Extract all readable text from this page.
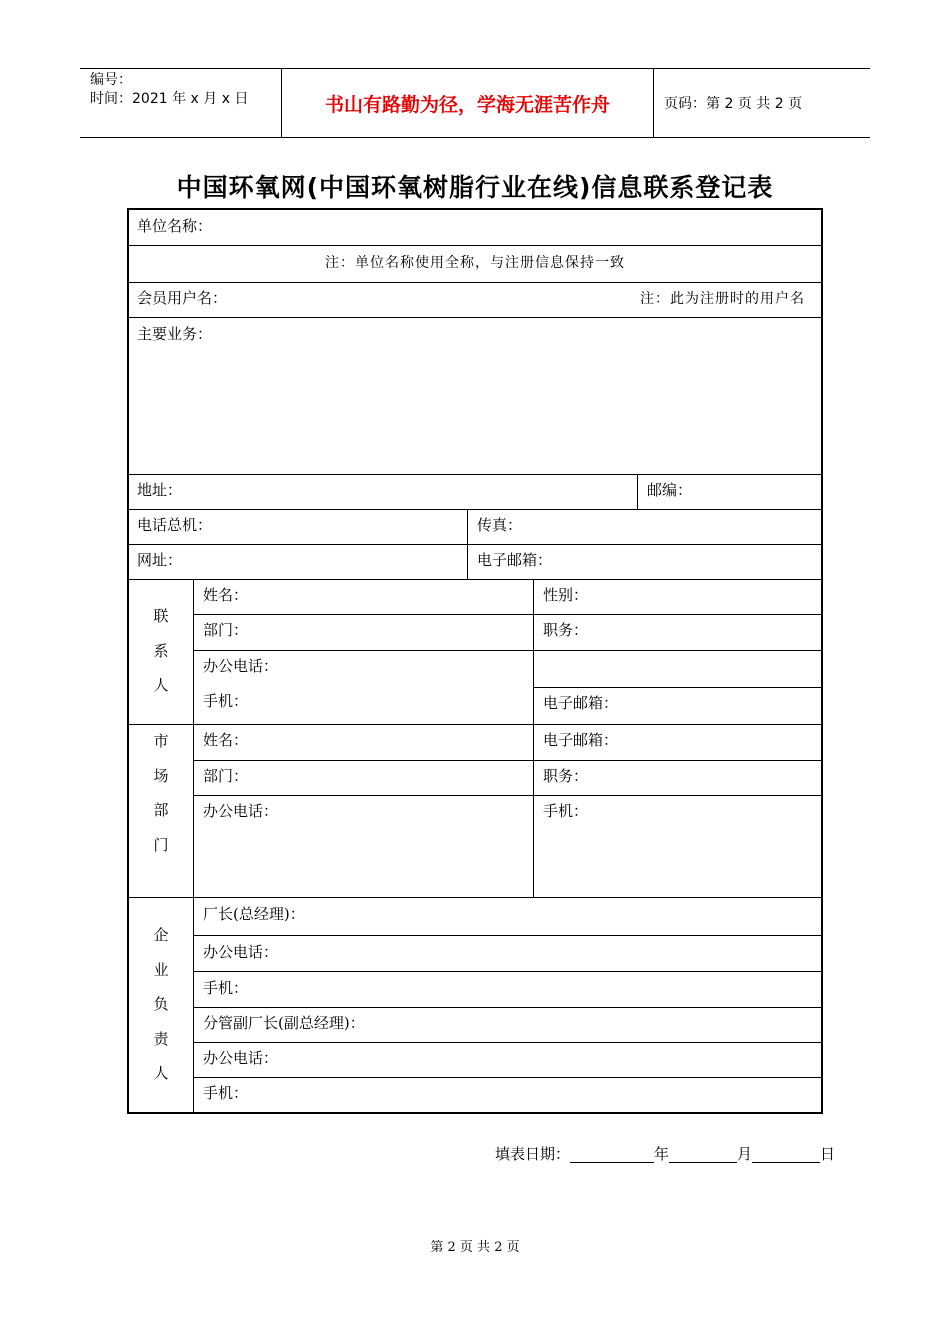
编号：
时间：2021 年 x 月 x 日	书山有路勤为径，学海无涯苦作舟	页码：第 2 页 共 2 页
中国环氧网(中国环氧树脂行业在线)信息联系登记表
单位名称：
注：单位名称使用全称，与注册信息保持一致
会员用户名：	注：此为注册时的用户名
主要业务：
地址：	邮编：
电话总机：	传真：
网址：	电子邮箱：
联
系
人
姓名：	性别：
部门：	职务：
办公电话：
手机：	电子邮箱：
市
场
部
门
姓名：	电子邮箱：
部门：	职务：
办公电话：	手机：
企
业
负
责
人
厂长(总经理)：
办公电话：
手机：
分管副厂长(副总经理)：
办公电话：
手机：
填表日期：	年	月	日
第 2 页 共 2 页
